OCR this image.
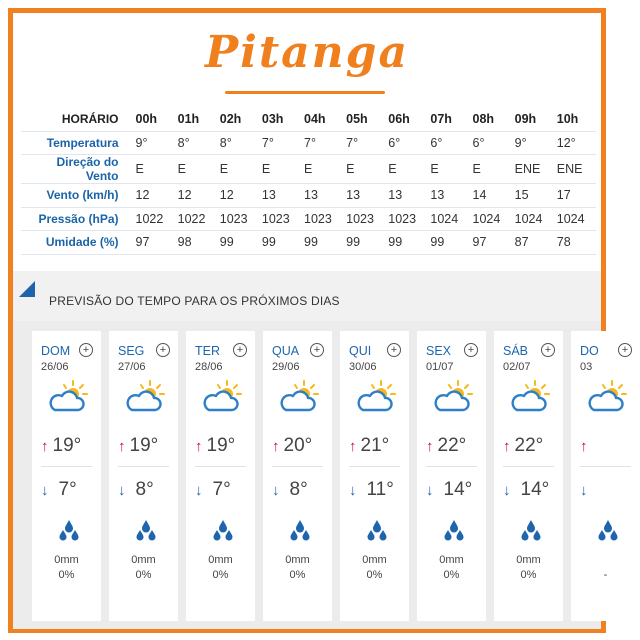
Pitanga
HORÁRIO	00h	01h	02h	03h	04h	05h	06h	07h	08h	09h	10h
Temperatura	9°	8°	8°	7°	7°	7°	6°	6°	6°	9°	12°
Direção do Vento	E	E	E	E	E	E	E	E	E	ENE	ENE
Vento (km/h)	12	12	12	13	13	13	13	13	14	15	17
Pressão (hPa)	1022	1022	1023	1023	1023	1023	1023	1024	1024	1024	1024
Umidade (%)	97	98	99	99	99	99	99	99	97	87	78
PREVISÃO DO TEMPO PARA OS PRÓXIMOS DIAS
DOM	+
26/06
↑ 19°
↓ 7°
0mm
0%
SEG	+
27/06
↑ 19°
↓ 8°
0mm
0%
TER	+
28/06
↑ 19°
↓ 7°
0mm
0%
QUA	+
29/06
↑ 20°
↓ 8°
0mm
0%
QUI	+
30/06
↑ 21°
↓ 11°
0mm
0%
SEX	+
01/07
↑ 22°
↓ 14°
0mm
0%
SÁB	+
02/07
↑ 22°
↓ 14°
0mm
0%
DO	+
03
↑
↓
-
